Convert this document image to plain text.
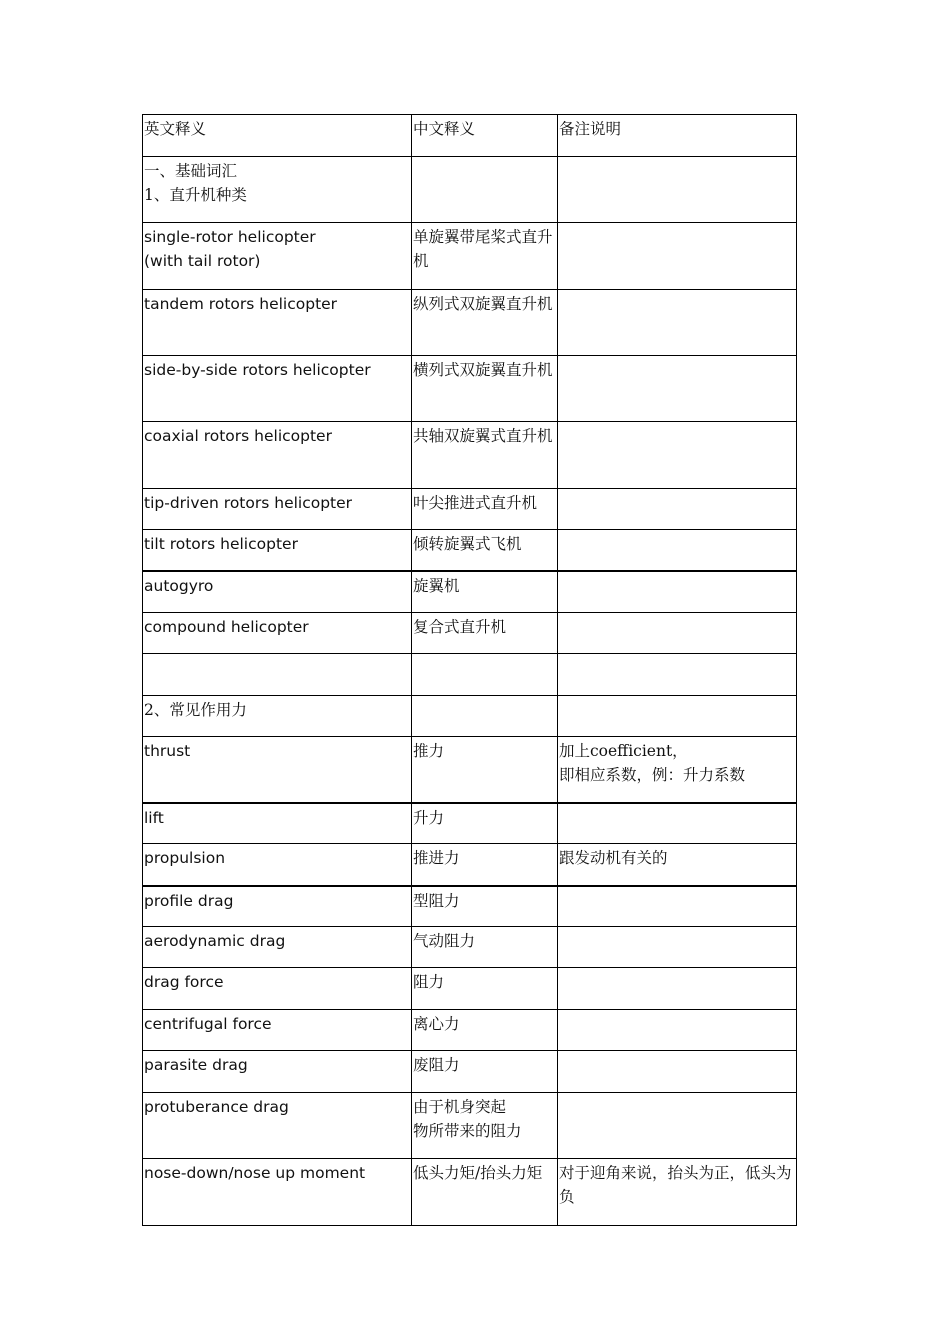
英文释义	中文释义	备注说明
一、基础词汇
1、直升机种类		
single-rotor helicopter
(with tail rotor)	单旋翼带尾桨式直升机	
tandem rotors helicopter	纵列式双旋翼直升机	
side-by-side rotors helicopter	横列式双旋翼直升机	
coaxial rotors helicopter	共轴双旋翼式直升机	
tip-driven rotors helicopter	叶尖推进式直升机	
tilt rotors helicopter	倾转旋翼式飞机	
autogyro	旋翼机	
compound helicopter	复合式直升机	

2、常见作用力		
thrust	推力	加上coefficient，
即相应系数，例：升力系数
lift	升力	
propulsion	推进力	跟发动机有关的
profile drag	型阻力	
aerodynamic drag	气动阻力	
drag force	阻力	
centrifugal force	离心力	
parasite drag	废阻力	
protuberance drag	由于机身突起
物所带来的阻力	
nose-down/nose up moment	低头力矩/抬头力矩	对于迎角来说，抬头为正，低头为负
